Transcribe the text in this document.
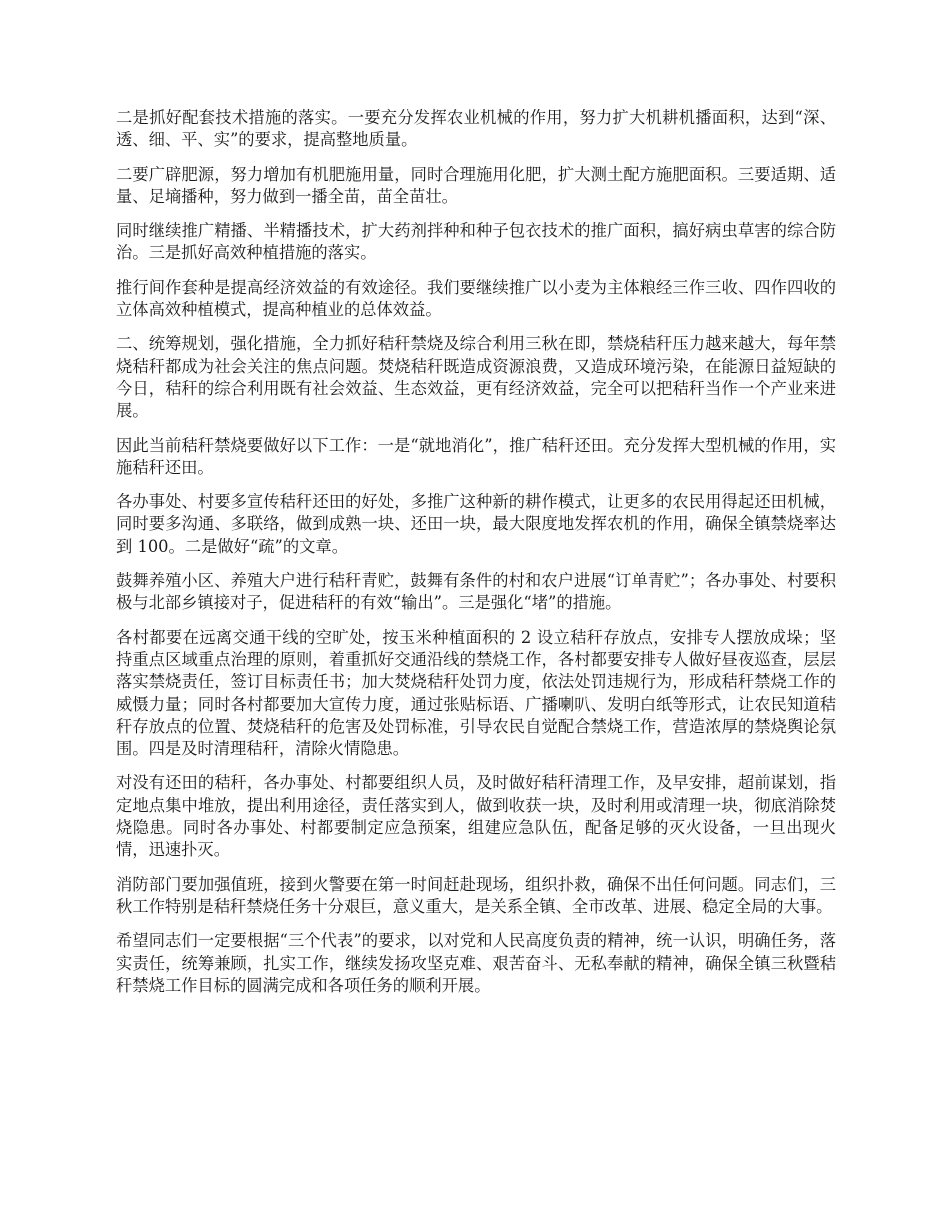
二是抓好配套技术措施的落实。一要充分发挥农业机械的作用，努力扩大机耕机播面积，达到“深、透、细、平、实”的要求，提高整地质量。

二要广辟肥源，努力增加有机肥施用量，同时合理施用化肥，扩大测土配方施肥面积。三要适期、适量、足墒播种，努力做到一播全苗，苗全苗壮。

同时继续推广精播、半精播技术，扩大药剂拌种和种子包衣技术的推广面积，搞好病虫草害的综合防治。三是抓好高效种植措施的落实。

推行间作套种是提高经济效益的有效途径。我们要继续推广以小麦为主体粮经三作三收、四作四收的立体高效种植模式，提高种植业的总体效益。

二、统筹规划，强化措施，全力抓好秸秆禁烧及综合利用三秋在即，禁烧秸秆压力越来越大，每年禁烧秸秆都成为社会关注的焦点问题。焚烧秸秆既造成资源浪费，又造成环境污染，在能源日益短缺的今日，秸秆的综合利用既有社会效益、生态效益，更有经济效益，完全可以把秸秆当作一个产业来进展。

因此当前秸秆禁烧要做好以下工作：一是“就地消化”，推广秸秆还田。充分发挥大型机械的作用，实施秸秆还田。

各办事处、村要多宣传秸秆还田的好处，多推广这种新的耕作模式，让更多的农民用得起还田机械，同时要多沟通、多联络，做到成熟一块、还田一块，最大限度地发挥农机的作用，确保全镇禁烧率达到 100。二是做好“疏”的文章。

鼓舞养殖小区、养殖大户进行秸秆青贮，鼓舞有条件的村和农户进展“订单青贮”；各办事处、村要积极与北部乡镇接对子，促进秸秆的有效“输出”。三是强化“堵”的措施。

各村都要在远离交通干线的空旷处，按玉米种植面积的 2 设立秸秆存放点，安排专人摆放成垛；坚持重点区域重点治理的原则，着重抓好交通沿线的禁烧工作，各村都要安排专人做好昼夜巡查，层层落实禁烧责任，签订目标责任书；加大焚烧秸秆处罚力度，依法处罚违规行为，形成秸秆禁烧工作的威慑力量；同时各村都要加大宣传力度，通过张贴标语、广播喇叭、发明白纸等形式，让农民知道秸秆存放点的位置、焚烧秸秆的危害及处罚标准，引导农民自觉配合禁烧工作，营造浓厚的禁烧舆论氛围。四是及时清理秸秆，清除火情隐患。

对没有还田的秸秆，各办事处、村都要组织人员，及时做好秸秆清理工作，及早安排，超前谋划，指定地点集中堆放，提出利用途径，责任落实到人，做到收获一块，及时利用或清理一块，彻底消除焚烧隐患。同时各办事处、村都要制定应急预案，组建应急队伍，配备足够的灭火设备，一旦出现火情，迅速扑灭。

消防部门要加强值班，接到火警要在第一时间赶赴现场，组织扑救，确保不出任何问题。同志们，三秋工作特别是秸秆禁烧任务十分艰巨，意义重大，是关系全镇、全市改革、进展、稳定全局的大事。

希望同志们一定要根据“三个代表”的要求，以对党和人民高度负责的精神，统一认识，明确任务，落实责任，统筹兼顾，扎实工作，继续发扬攻坚克难、艰苦奋斗、无私奉献的精神，确保全镇三秋暨秸秆禁烧工作目标的圆满完成和各项任务的顺利开展。
